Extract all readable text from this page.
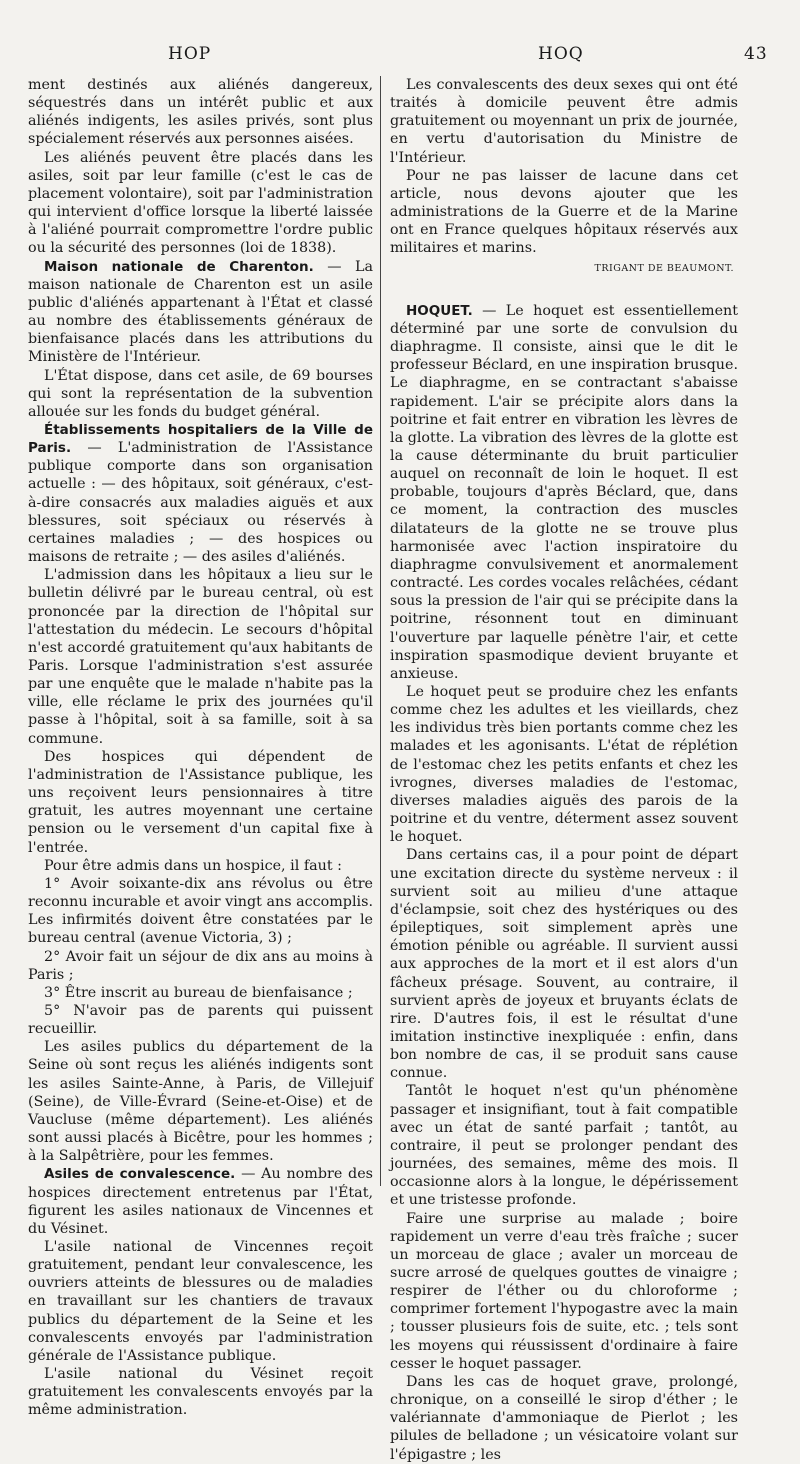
HOP	HOQ	43

ment destinés aux aliénés dangereux, séquestrés dans un intérêt public et aux aliénés indigents, les asiles privés, sont plus spécialement réservés aux personnes aisées.

Les aliénés peuvent être placés dans les asiles, soit par leur famille (c'est le cas de placement volontaire), soit par l'administration qui intervient d'office lorsque la liberté laissée à l'aliéné pourrait compromettre l'ordre public ou la sécurité des personnes (loi de 1838).

Maison nationale de Charenton. — La maison nationale de Charenton est un asile public d'aliénés appartenant à l'État et classé au nombre des établissements généraux de bienfaisance placés dans les attributions du Ministère de l'Intérieur.

L'État dispose, dans cet asile, de 69 bourses qui sont la représentation de la subvention allouée sur les fonds du budget général.

Établissements hospitaliers de la Ville de Paris. — L'administration de l'Assistance publique comporte dans son organisation actuelle : — des hôpitaux, soit généraux, c'est-à-dire consacrés aux maladies aiguës et aux blessures, soit spéciaux ou réservés à certaines maladies ; — des hospices ou maisons de retraite ; — des asiles d'aliénés.

L'admission dans les hôpitaux a lieu sur le bulletin délivré par le bureau central, où est prononcée par la direction de l'hôpital sur l'attestation du médecin. Le secours d'hôpital n'est accordé gratuitement qu'aux habitants de Paris. Lorsque l'administration s'est assurée par une enquête que le malade n'habite pas la ville, elle réclame le prix des journées qu'il passe à l'hôpital, soit à sa famille, soit à sa commune.

Des hospices qui dépendent de l'administration de l'Assistance publique, les uns reçoivent leurs pensionnaires à titre gratuit, les autres moyennant une certaine pension ou le versement d'un capital fixe à l'entrée.

Pour être admis dans un hospice, il faut :

1° Avoir soixante-dix ans révolus ou être reconnu incurable et avoir vingt ans accomplis. Les infirmités doivent être constatées par le bureau central (avenue Victoria, 3) ;

2° Avoir fait un séjour de dix ans au moins à Paris ;

3° Être inscrit au bureau de bienfaisance ;

5° N'avoir pas de parents qui puissent recueillir.

Les asiles publics du département de la Seine où sont reçus les aliénés indigents sont les asiles Sainte-Anne, à Paris, de Villejuif (Seine), de Ville-Évrard (Seine-et-Oise) et de Vaucluse (même département). Les aliénés sont aussi placés à Bicêtre, pour les hommes ; à la Salpêtrière, pour les femmes.

Asiles de convalescence. — Au nombre des hospices directement entretenus par l'État, figurent les asiles nationaux de Vincennes et du Vésinet.

L'asile national de Vincennes reçoit gratuitement, pendant leur convalescence, les ouvriers atteints de blessures ou de maladies en travaillant sur les chantiers de travaux publics du département de la Seine et les convalescents envoyés par l'administration générale de l'Assistance publique.

L'asile national du Vésinet reçoit gratuitement les convalescents envoyés par la même administration.

Les convalescents des deux sexes qui ont été traités à domicile peuvent être admis gratuitement ou moyennant un prix de journée, en vertu d'autorisation du Ministre de l'Intérieur.

Pour ne pas laisser de lacune dans cet article, nous devons ajouter que les administrations de la Guerre et de la Marine ont en France quelques hôpitaux réservés aux militaires et marins.

TRIGANT DE BEAUMONT.

HOQUET. — Le hoquet est essentiellement déterminé par une sorte de convulsion du diaphragme. Il consiste, ainsi que le dit le professeur Béclard, en une inspiration brusque. Le diaphragme, en se contractant s'abaisse rapidement. L'air se précipite alors dans la poitrine et fait entrer en vibration les lèvres de la glotte. La vibration des lèvres de la glotte est la cause déterminante du bruit particulier auquel on reconnaît de loin le hoquet. Il est probable, toujours d'après Béclard, que, dans ce moment, la contraction des muscles dilatateurs de la glotte ne se trouve plus harmonisée avec l'action inspiratoire du diaphragme convulsivement et anormalement contracté. Les cordes vocales relâchées, cédant sous la pression de l'air qui se précipite dans la poitrine, résonnent tout en diminuant l'ouverture par laquelle pénètre l'air, et cette inspiration spasmodique devient bruyante et anxieuse.

Le hoquet peut se produire chez les enfants comme chez les adultes et les vieillards, chez les individus très bien portants comme chez les malades et les agonisants. L'état de réplétion de l'estomac chez les petits enfants et chez les ivrognes, diverses maladies de l'estomac, diverses maladies aiguës des parois de la poitrine et du ventre, déterment assez souvent le hoquet.

Dans certains cas, il a pour point de départ une excitation directe du système nerveux : il survient soit au milieu d'une attaque d'éclampsie, soit chez des hystériques ou des épileptiques, soit simplement après une émotion pénible ou agréable. Il survient aussi aux approches de la mort et il est alors d'un fâcheux présage. Souvent, au contraire, il survient après de joyeux et bruyants éclats de rire. D'autres fois, il est le résultat d'une imitation instinctive inexpliquée : enfin, dans bon nombre de cas, il se produit sans cause connue.

Tantôt le hoquet n'est qu'un phénomène passager et insignifiant, tout à fait compatible avec un état de santé parfait ; tantôt, au contraire, il peut se prolonger pendant des journées, des semaines, même des mois. Il occasionne alors à la longue, le dépérissement et une tristesse profonde.

Faire une surprise au malade ; boire rapidement un verre d'eau très fraîche ; sucer un morceau de glace ; avaler un morceau de sucre arrosé de quelques gouttes de vinaigre ; respirer de l'éther ou du chloroforme ; comprimer fortement l'hypogastre avec la main ; tousser plusieurs fois de suite, etc. ; tels sont les moyens qui réussissent d'ordinaire à faire cesser le hoquet passager.

Dans les cas de hoquet grave, prolongé, chronique, on a conseillé le sirop d'éther ; le valériannate d'ammoniaque de Pierlot ; les pilules de belladone ; un vésicatoire volant sur l'épigastre ; les
